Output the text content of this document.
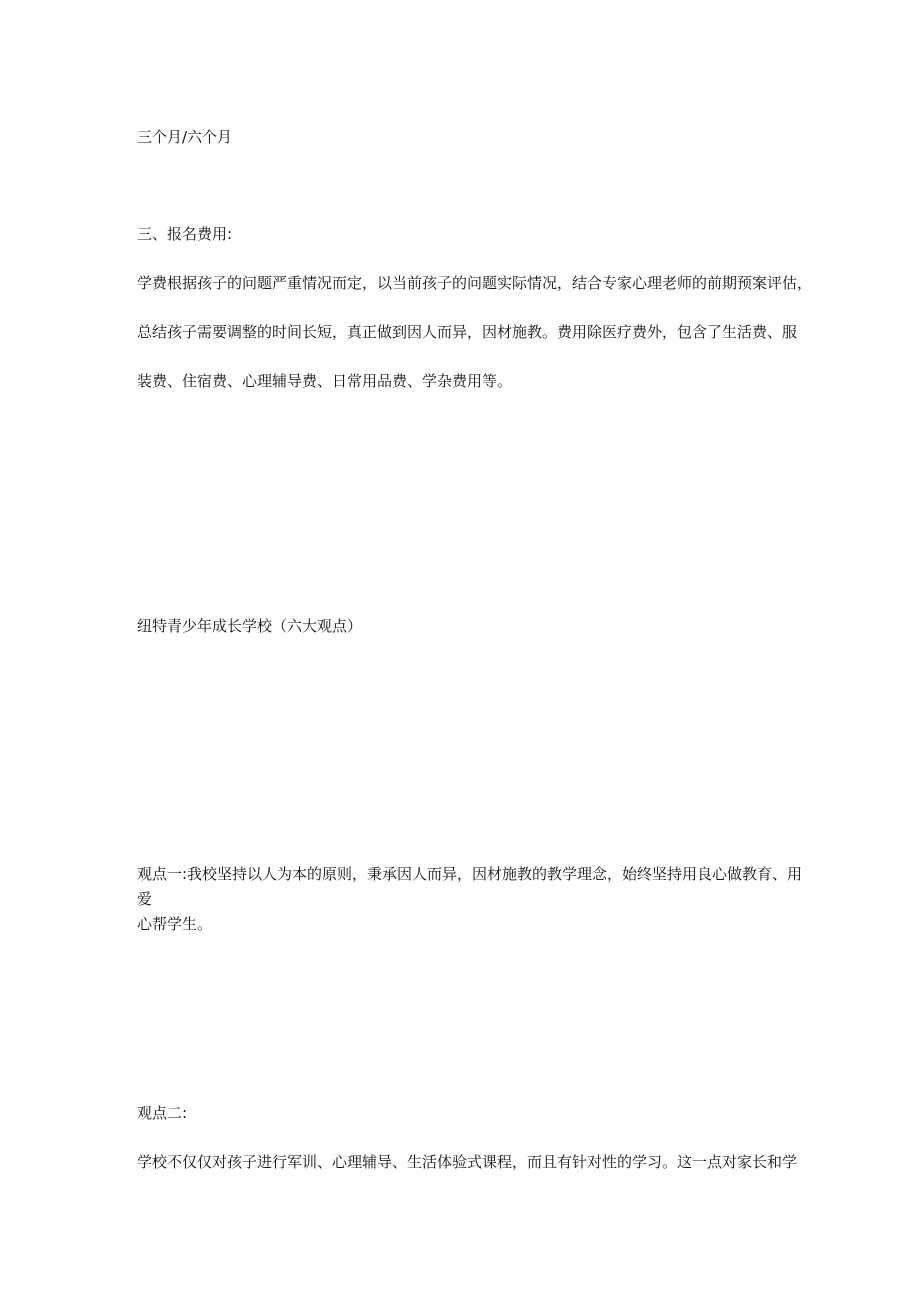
三个月/六个月

三、报名费用:

学费根据孩子的问题严重情况而定，以当前孩子的问题实际情况，结合专家心理老师的前期预案评估，

总结孩子需要调整的时间长短，真正做到因人而异，因材施教。费用除医疗费外，包含了生活费、服

装费、住宿费、心理辅导费、日常用品费、学杂费用等。

纽特青少年成长学校（六大观点）

观点一:我校坚持以人为本的原则，秉承因人而异，因材施教的教学理念，始终坚持用良心做教育、用

爱

心帮学生。

观点二:

学校不仅仅对孩子进行军训、心理辅导、生活体验式课程，而且有针对性的学习。这一点对家长和学
